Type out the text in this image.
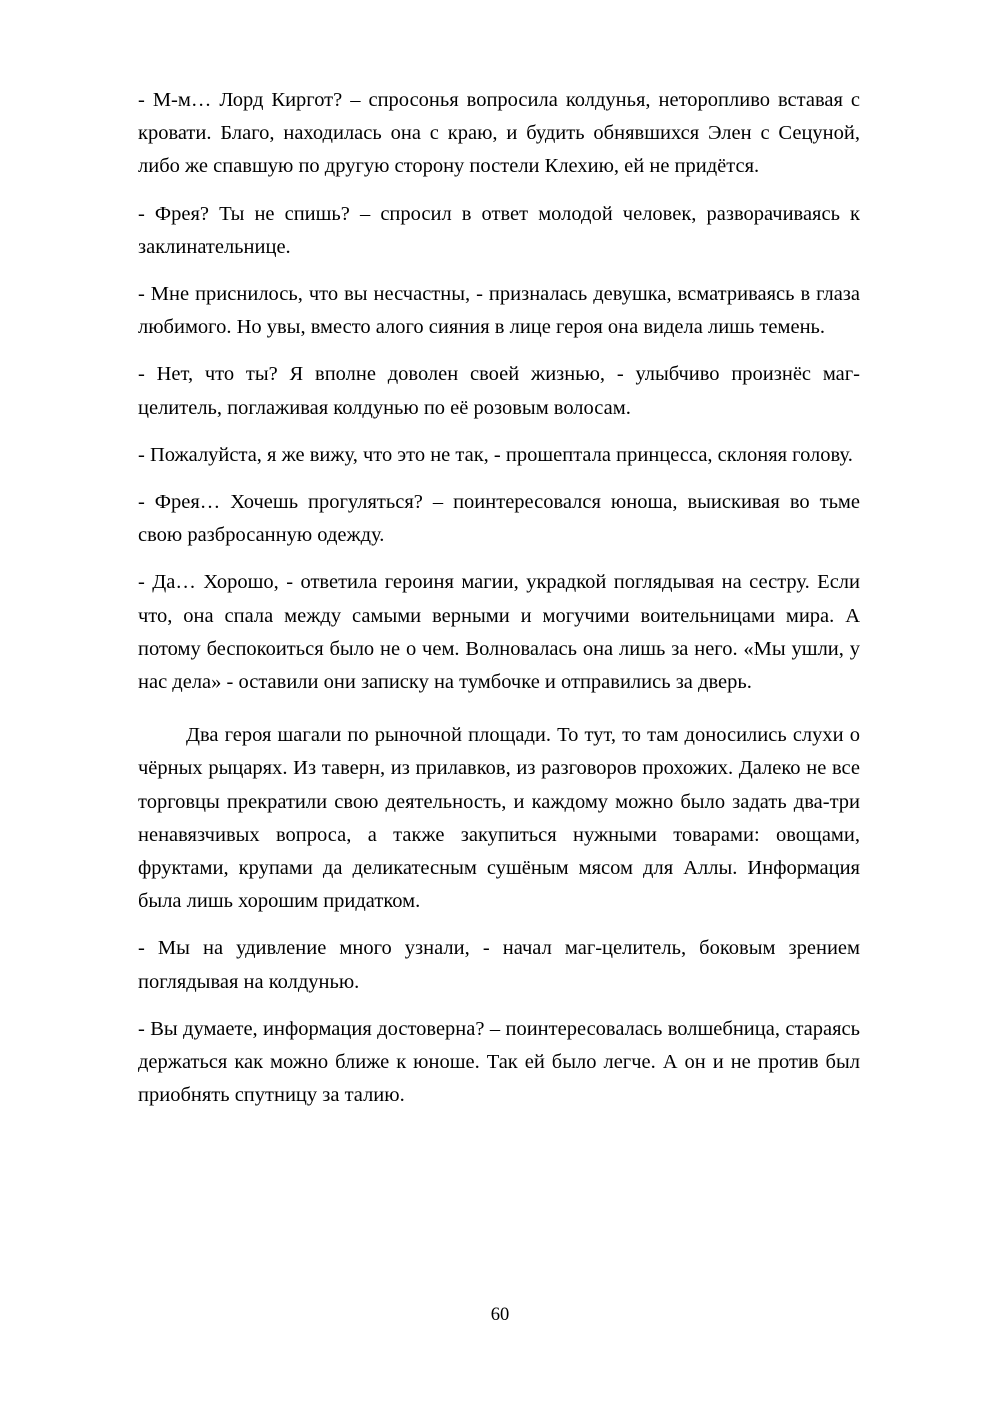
- М-м… Лорд Киргот? – спросонья вопросила колдунья, неторопливо вставая с кровати. Благо, находилась она с краю, и будить обнявшихся Элен с Сецуной, либо же спавшую по другую сторону постели Клехию, ей не придётся.

- Фрея? Ты не спишь? – спросил в ответ молодой человек, разворачиваясь к заклинательнице.

- Мне приснилось, что вы несчастны, - призналась девушка, всматриваясь в глаза любимого. Но увы, вместо алого сияния в лице героя она видела лишь темень.

- Нет, что ты? Я вполне доволен своей жизнью, - улыбчиво произнёс маг-целитель, поглаживая колдунью по её розовым волосам.

- Пожалуйста, я же вижу, что это не так, - прошептала принцесса, склоняя голову.

- Фрея… Хочешь прогуляться? – поинтересовался юноша, выискивая во тьме свою разбросанную одежду.

- Да… Хорошо, - ответила героиня магии, украдкой поглядывая на сестру. Если что, она спала между самыми верными и могучими воительницами мира. А потому беспокоиться было не о чем. Волновалась она лишь за него. «Мы ушли, у нас дела» - оставили они записку на тумбочке и отправились за дверь.

Два героя шагали по рыночной площади. То тут, то там доносились слухи о чёрных рыцарях. Из таверн, из прилавков, из разговоров прохожих. Далеко не все торговцы прекратили свою деятельность, и каждому можно было задать два-три ненавязчивых вопроса, а также закупиться нужными товарами: овощами, фруктами, крупами да деликатесным сушёным мясом для Аллы. Информация была лишь хорошим придатком.

- Мы на удивление много узнали, - начал маг-целитель, боковым зрением поглядывая на колдунью.

- Вы думаете, информация достоверна? – поинтересовалась волшебница, стараясь держаться как можно ближе к юноше. Так ей было легче. А он и не против был приобнять спутницу за талию.

60
